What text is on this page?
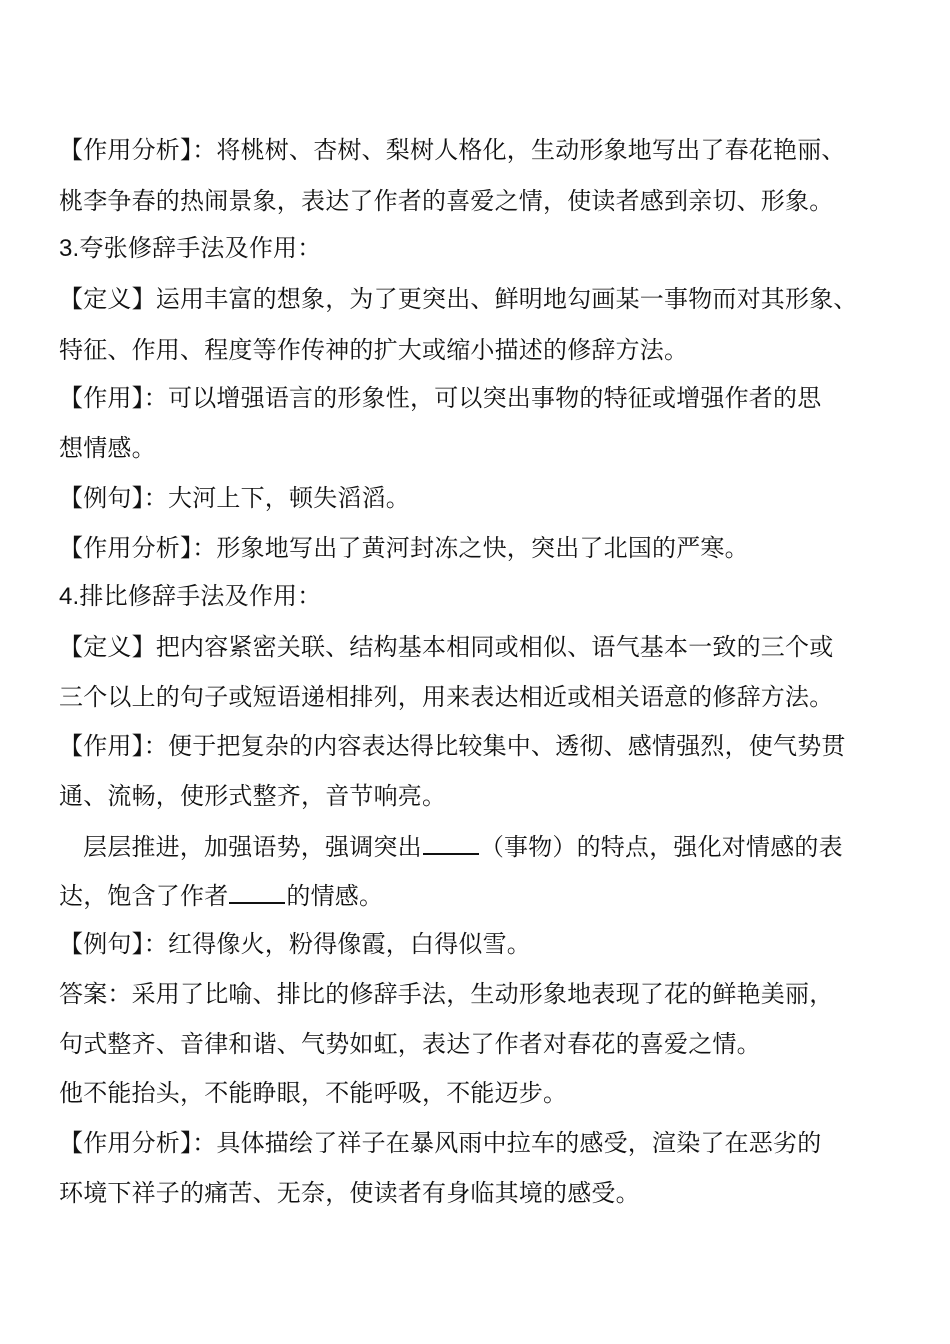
【作用分析】：将桃树、杏树、梨树人格化，生动形象地写出了春花艳丽、
桃李争春的热闹景象，表达了作者的喜爱之情，使读者感到亲切、形象。
3.夸张修辞手法及作用：
【定义】运用丰富的想象，为了更突出、鲜明地勾画某一事物而对其形象、
特征、作用、程度等作传神的扩大或缩小描述的修辞方法。
【作用】：可以增强语言的形象性，可以突出事物的特征或增强作者的思
想情感。
【例句】：大河上下，顿失滔滔。
【作用分析】：形象地写出了黄河封冻之快，突出了北国的严寒。
4.排比修辞手法及作用：
【定义】把内容紧密关联、结构基本相同或相似、语气基本一致的三个或
三个以上的句子或短语递相排列，用来表达相近或相关语意的修辞方法。
【作用】：便于把复杂的内容表达得比较集中、透彻、感情强烈，使气势贯
通、流畅，使形式整齐，音节响亮。
层层推进，加强语势，强调突出 （事物）的特点，强化对情感的表
达，饱含了作者 的情感。
【例句】：红得像火，粉得像霞，白得似雪。
答案：采用了比喻、排比的修辞手法，生动形象地表现了花的鲜艳美丽，
句式整齐、音律和谐、气势如虹，表达了作者对春花的喜爱之情。
他不能抬头，不能睁眼，不能呼吸，不能迈步。
【作用分析】：具体描绘了祥子在暴风雨中拉车的感受，渲染了在恶劣的
环境下祥子的痛苦、无奈，使读者有身临其境的感受。
